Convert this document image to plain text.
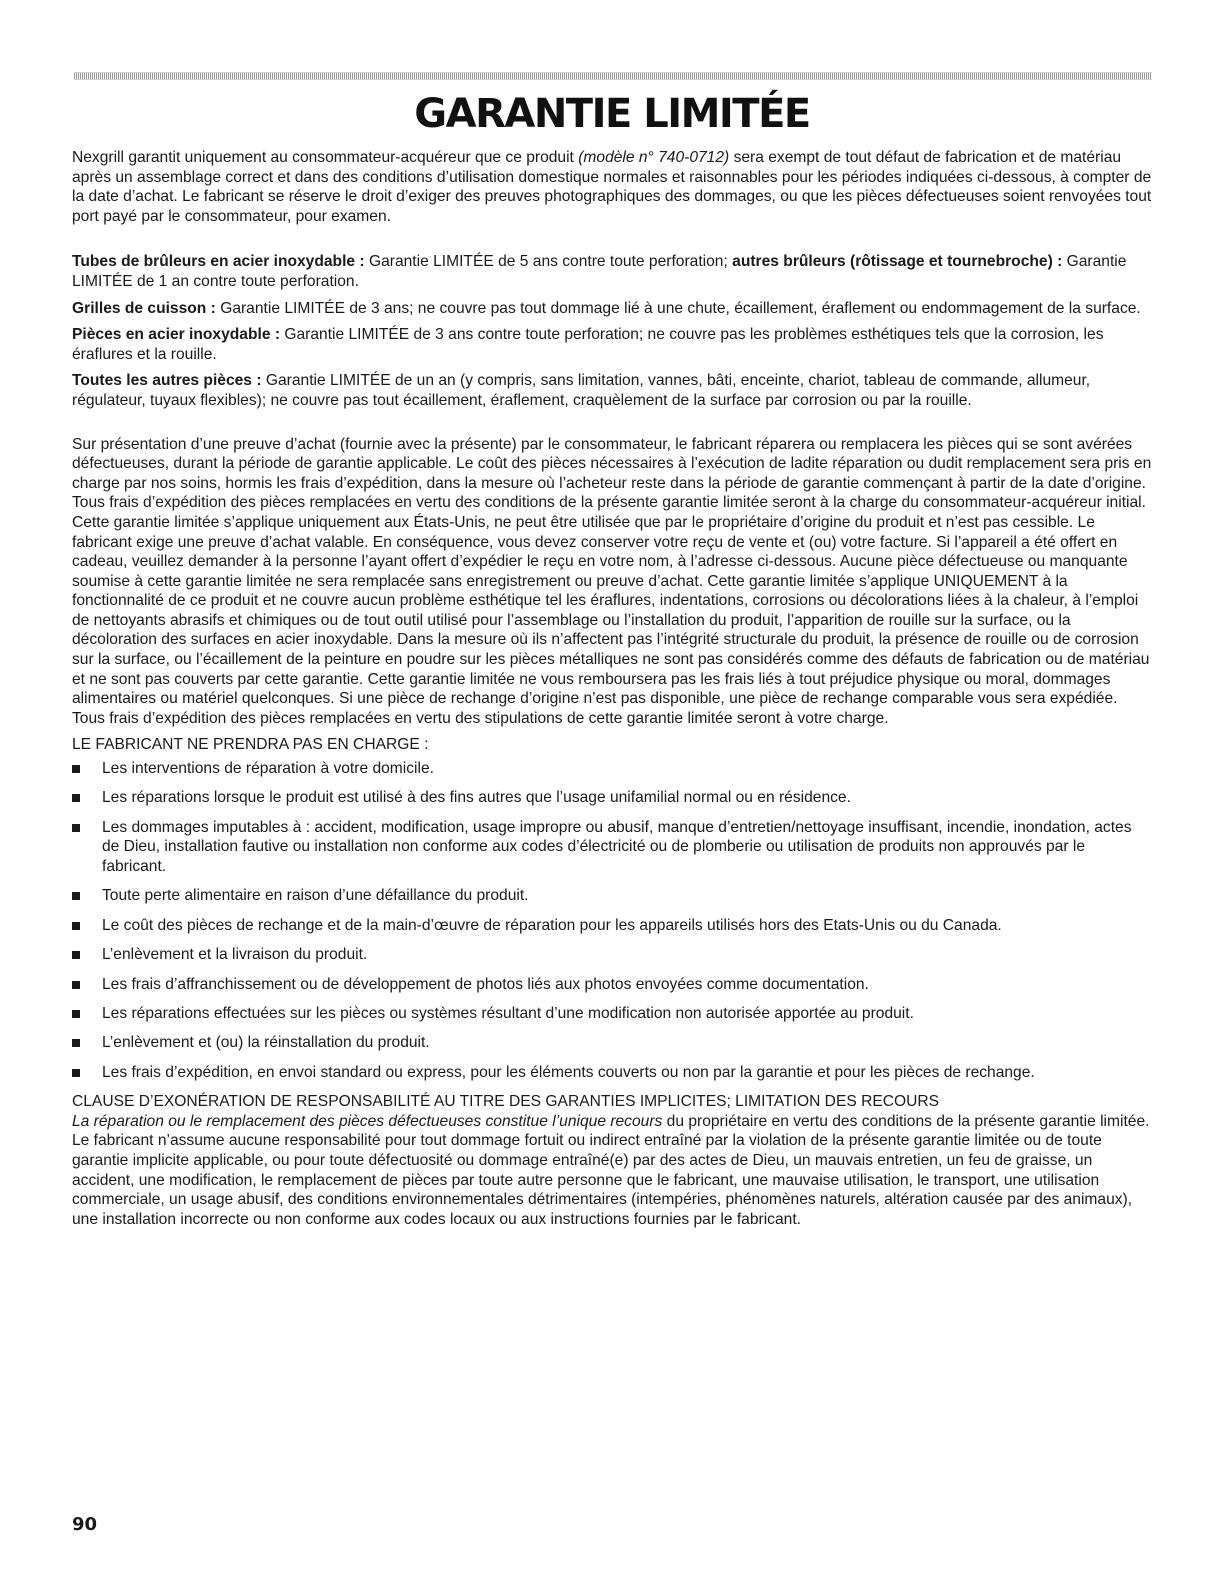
GARANTIE LIMITÉE

Nexgrill garantit uniquement au consommateur-acquéreur que ce produit (modèle n° 740-0712) sera exempt de tout défaut de fabrication et de matériau après un assemblage correct et dans des conditions d’utilisation domestique normales et raisonnables pour les périodes indiquées ci-dessous, à compter de la date d’achat. Le fabricant se réserve le droit d’exiger des preuves photographiques des dommages, ou que les pièces défectueuses soient renvoyées tout port payé par le consommateur, pour examen.

Tubes de brûleurs en acier inoxydable : Garantie LIMITÉE de 5 ans contre toute perforation; autres brûleurs (rôtissage et tournebroche) : Garantie LIMITÉE de 1 an contre toute perforation.

Grilles de cuisson : Garantie LIMITÉE de 3 ans; ne couvre pas tout dommage lié à une chute, écaillement, éraflement ou endommagement de la surface.

Pièces en acier inoxydable : Garantie LIMITÉE de 3 ans contre toute perforation; ne couvre pas les problèmes esthétiques tels que la corrosion, les éraflures et la rouille.

Toutes les autres pièces : Garantie LIMITÉE de un an (y compris, sans limitation, vannes, bâti, enceinte, chariot, tableau de commande, allumeur, régulateur, tuyaux flexibles); ne couvre pas tout écaillement, éraflement, craquèlement de la surface par corrosion ou par la rouille.

Sur présentation d’une preuve d’achat (fournie avec la présente) par le consommateur, le fabricant réparera ou remplacera les pièces qui se sont avérées défectueuses, durant la période de garantie applicable. Le coût des pièces nécessaires à l’exécution de ladite réparation ou dudit remplacement sera pris en charge par nos soins, hormis les frais d’expédition, dans la mesure où l’acheteur reste dans la période de garantie commençant à partir de la date d’origine. Tous frais d’expédition des pièces remplacées en vertu des conditions de la présente garantie limitée seront à la charge du consommateur-acquéreur initial. Cette garantie limitée s’applique uniquement aux États-Unis, ne peut être utilisée que par le propriétaire d’origine du produit et n’est pas cessible. Le fabricant exige une preuve d’achat valable. En conséquence, vous devez conserver votre reçu de vente et (ou) votre facture. Si l’appareil a été offert en cadeau, veuillez demander à la personne l’ayant offert d’expédier le reçu en votre nom, à l’adresse ci-dessous. Aucune pièce défectueuse ou manquante soumise à cette garantie limitée ne sera remplacée sans enregistrement ou preuve d’achat. Cette garantie limitée s’applique UNIQUEMENT à la fonctionnalité de ce produit et ne couvre aucun problème esthétique tel les éraflures, indentations, corrosions ou décolorations liées à la chaleur, à l’emploi de nettoyants abrasifs et chimiques ou de tout outil utilisé pour l’assemblage ou l’installation du produit, l’apparition de rouille sur la surface, ou la décoloration des surfaces en acier inoxydable. Dans la mesure où ils n’affectent pas l’intégrité structurale du produit, la présence de rouille ou de corrosion sur la surface, ou l’écaillement de la peinture en poudre sur les pièces métalliques ne sont pas considérés comme des défauts de fabrication ou de matériau et ne sont pas couverts par cette garantie. Cette garantie limitée ne vous remboursera pas les frais liés à tout préjudice physique ou moral, dommages alimentaires ou matériel quelconques. Si une pièce de rechange d’origine n’est pas disponible, une pièce de rechange comparable vous sera expédiée. Tous frais d’expédition des pièces remplacées en vertu des stipulations de cette garantie limitée seront à votre charge.

LE FABRICANT NE PRENDRA PAS EN CHARGE :

Les interventions de réparation à votre domicile.
Les réparations lorsque le produit est utilisé à des fins autres que l’usage unifamilial normal ou en résidence.
Les dommages imputables à : accident, modification, usage impropre ou abusif, manque d’entretien/nettoyage insuffisant, incendie, inondation, actes de Dieu, installation fautive ou installation non conforme aux codes d’électricité ou de plomberie ou utilisation de produits non approuvés par le fabricant.
Toute perte alimentaire en raison d’une défaillance du produit.
Le coût des pièces de rechange et de la main-d’œuvre de réparation pour les appareils utilisés hors des Etats-Unis ou du Canada.
L’enlèvement et la livraison du produit.
Les frais d’affranchissement ou de développement de photos liés aux photos envoyées comme documentation.
Les réparations effectuées sur les pièces ou systèmes résultant d’une modification non autorisée apportée au produit.
L’enlèvement et (ou) la réinstallation du produit.
Les frais d’expédition, en envoi standard ou express, pour les éléments couverts ou non par la garantie et pour les pièces de rechange.

CLAUSE D’EXONÉRATION DE RESPONSABILITÉ AU TITRE DES GARANTIES IMPLICITES; LIMITATION DES RECOURS

La réparation ou le remplacement des pièces défectueuses constitue l’unique recours du propriétaire en vertu des conditions de la présente garantie limitée. Le fabricant n’assume aucune responsabilité pour tout dommage fortuit ou indirect entraîné par la violation de la présente garantie limitée ou de toute garantie implicite applicable, ou pour toute défectuosité ou dommage entraîné(e) par des actes de Dieu, un mauvais entretien, un feu de graisse, un accident, une modification, le remplacement de pièces par toute autre personne que le fabricant, une mauvaise utilisation, le transport, une utilisation commerciale, un usage abusif, des conditions environnementales détrimentaires (intempéries, phénomènes naturels, altération causée par des animaux), une installation incorrecte ou non conforme aux codes locaux ou aux instructions fournies par le fabricant.

90
